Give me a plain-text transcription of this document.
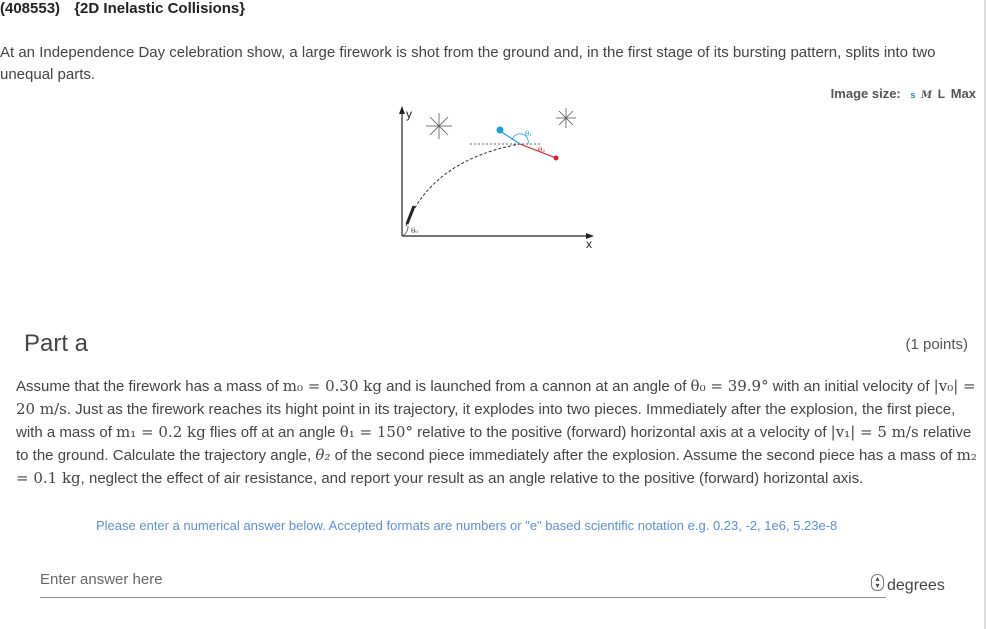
(408553) {2D Inelastic Collisions}
At an Independence Day celebration show, a large firework is shot from the ground and, in the first stage of its bursting pattern, splits into two unequal parts.
Image size: s M L Max
y
x
θ₀
θ₁
θ₂
Part a	(1 points)
Assume that the firework has a mass of m₀ = 0.30 kg and is launched from a cannon at an angle of θ₀ = 39.9° with an initial velocity of |v₀| = 20 m/s. Just as the firework reaches its hight point in its trajectory, it explodes into two pieces. Immediately after the explosion, the first piece, with a mass of m₁ = 0.2 kg flies off at an angle θ₁ = 150° relative to the positive (forward) horizontal axis at a velocity of |v₁| = 5 m/s relative to the ground. Calculate the trajectory angle, θ₂ of the second piece immediately after the explosion. Assume the second piece has a mass of m₂ = 0.1 kg, neglect the effect of air resistance, and report your result as an angle relative to the positive (forward) horizontal axis.
Please enter a numerical answer below. Accepted formats are numbers or "e" based scientific notation e.g. 0.23, -2, 1e6, 5.23e-8
Enter answer here
▴
▾ degrees
